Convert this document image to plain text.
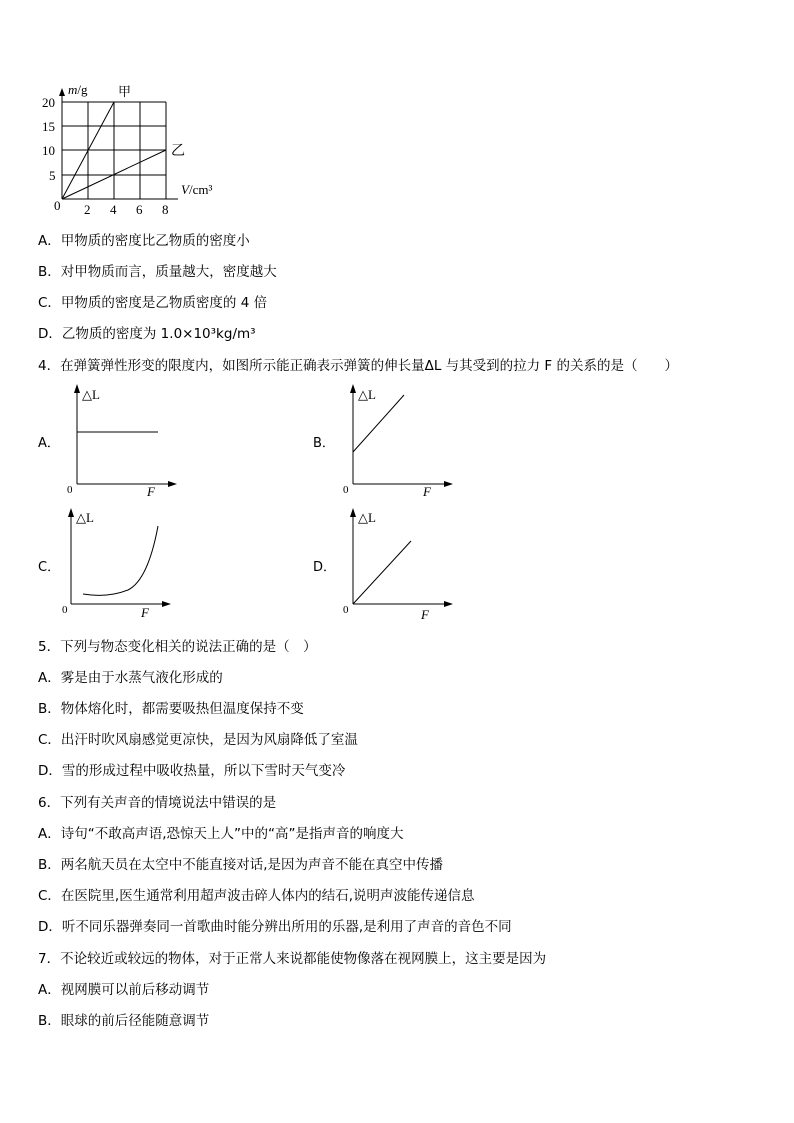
m/g 甲
乙
V/cm³
20
15
10
5
0 2 4 6 8
A．甲物质的密度比乙物质的密度小
B．对甲物质而言，质量越大，密度越大
C．甲物质的密度是乙物质密度的 4 倍
D．乙物质的密度为 1.0×10³kg/m³
4．在弹簧弹性形变的限度内，如图所示能正确表示弹簧的伸长量ΔL 与其受到的拉力 F 的关系的是（　　）
A．
△L
0	F
B．
△L
0	F
C．
△L
0	F
D．
△L
0	F
5．下列与物态变化相关的说法正确的是（　）
A．雾是由于水蒸气液化形成的
B．物体熔化时，都需要吸热但温度保持不变
C．出汗时吹风扇感觉更凉快，是因为风扇降低了室温
D．雪的形成过程中吸收热量，所以下雪时天气变冷
6．下列有关声音的情境说法中错误的是
A．诗句“不敢高声语,恐惊天上人”中的“高”是指声音的响度大
B．两名航天员在太空中不能直接对话,是因为声音不能在真空中传播
C．在医院里,医生通常利用超声波击碎人体内的结石,说明声波能传递信息
D．听不同乐器弹奏同一首歌曲时能分辨出所用的乐器,是利用了声音的音色不同
7．不论较近或较远的物体，对于正常人来说都能使物像落在视网膜上，这主要是因为
A．视网膜可以前后移动调节
B．眼球的前后径能随意调节
